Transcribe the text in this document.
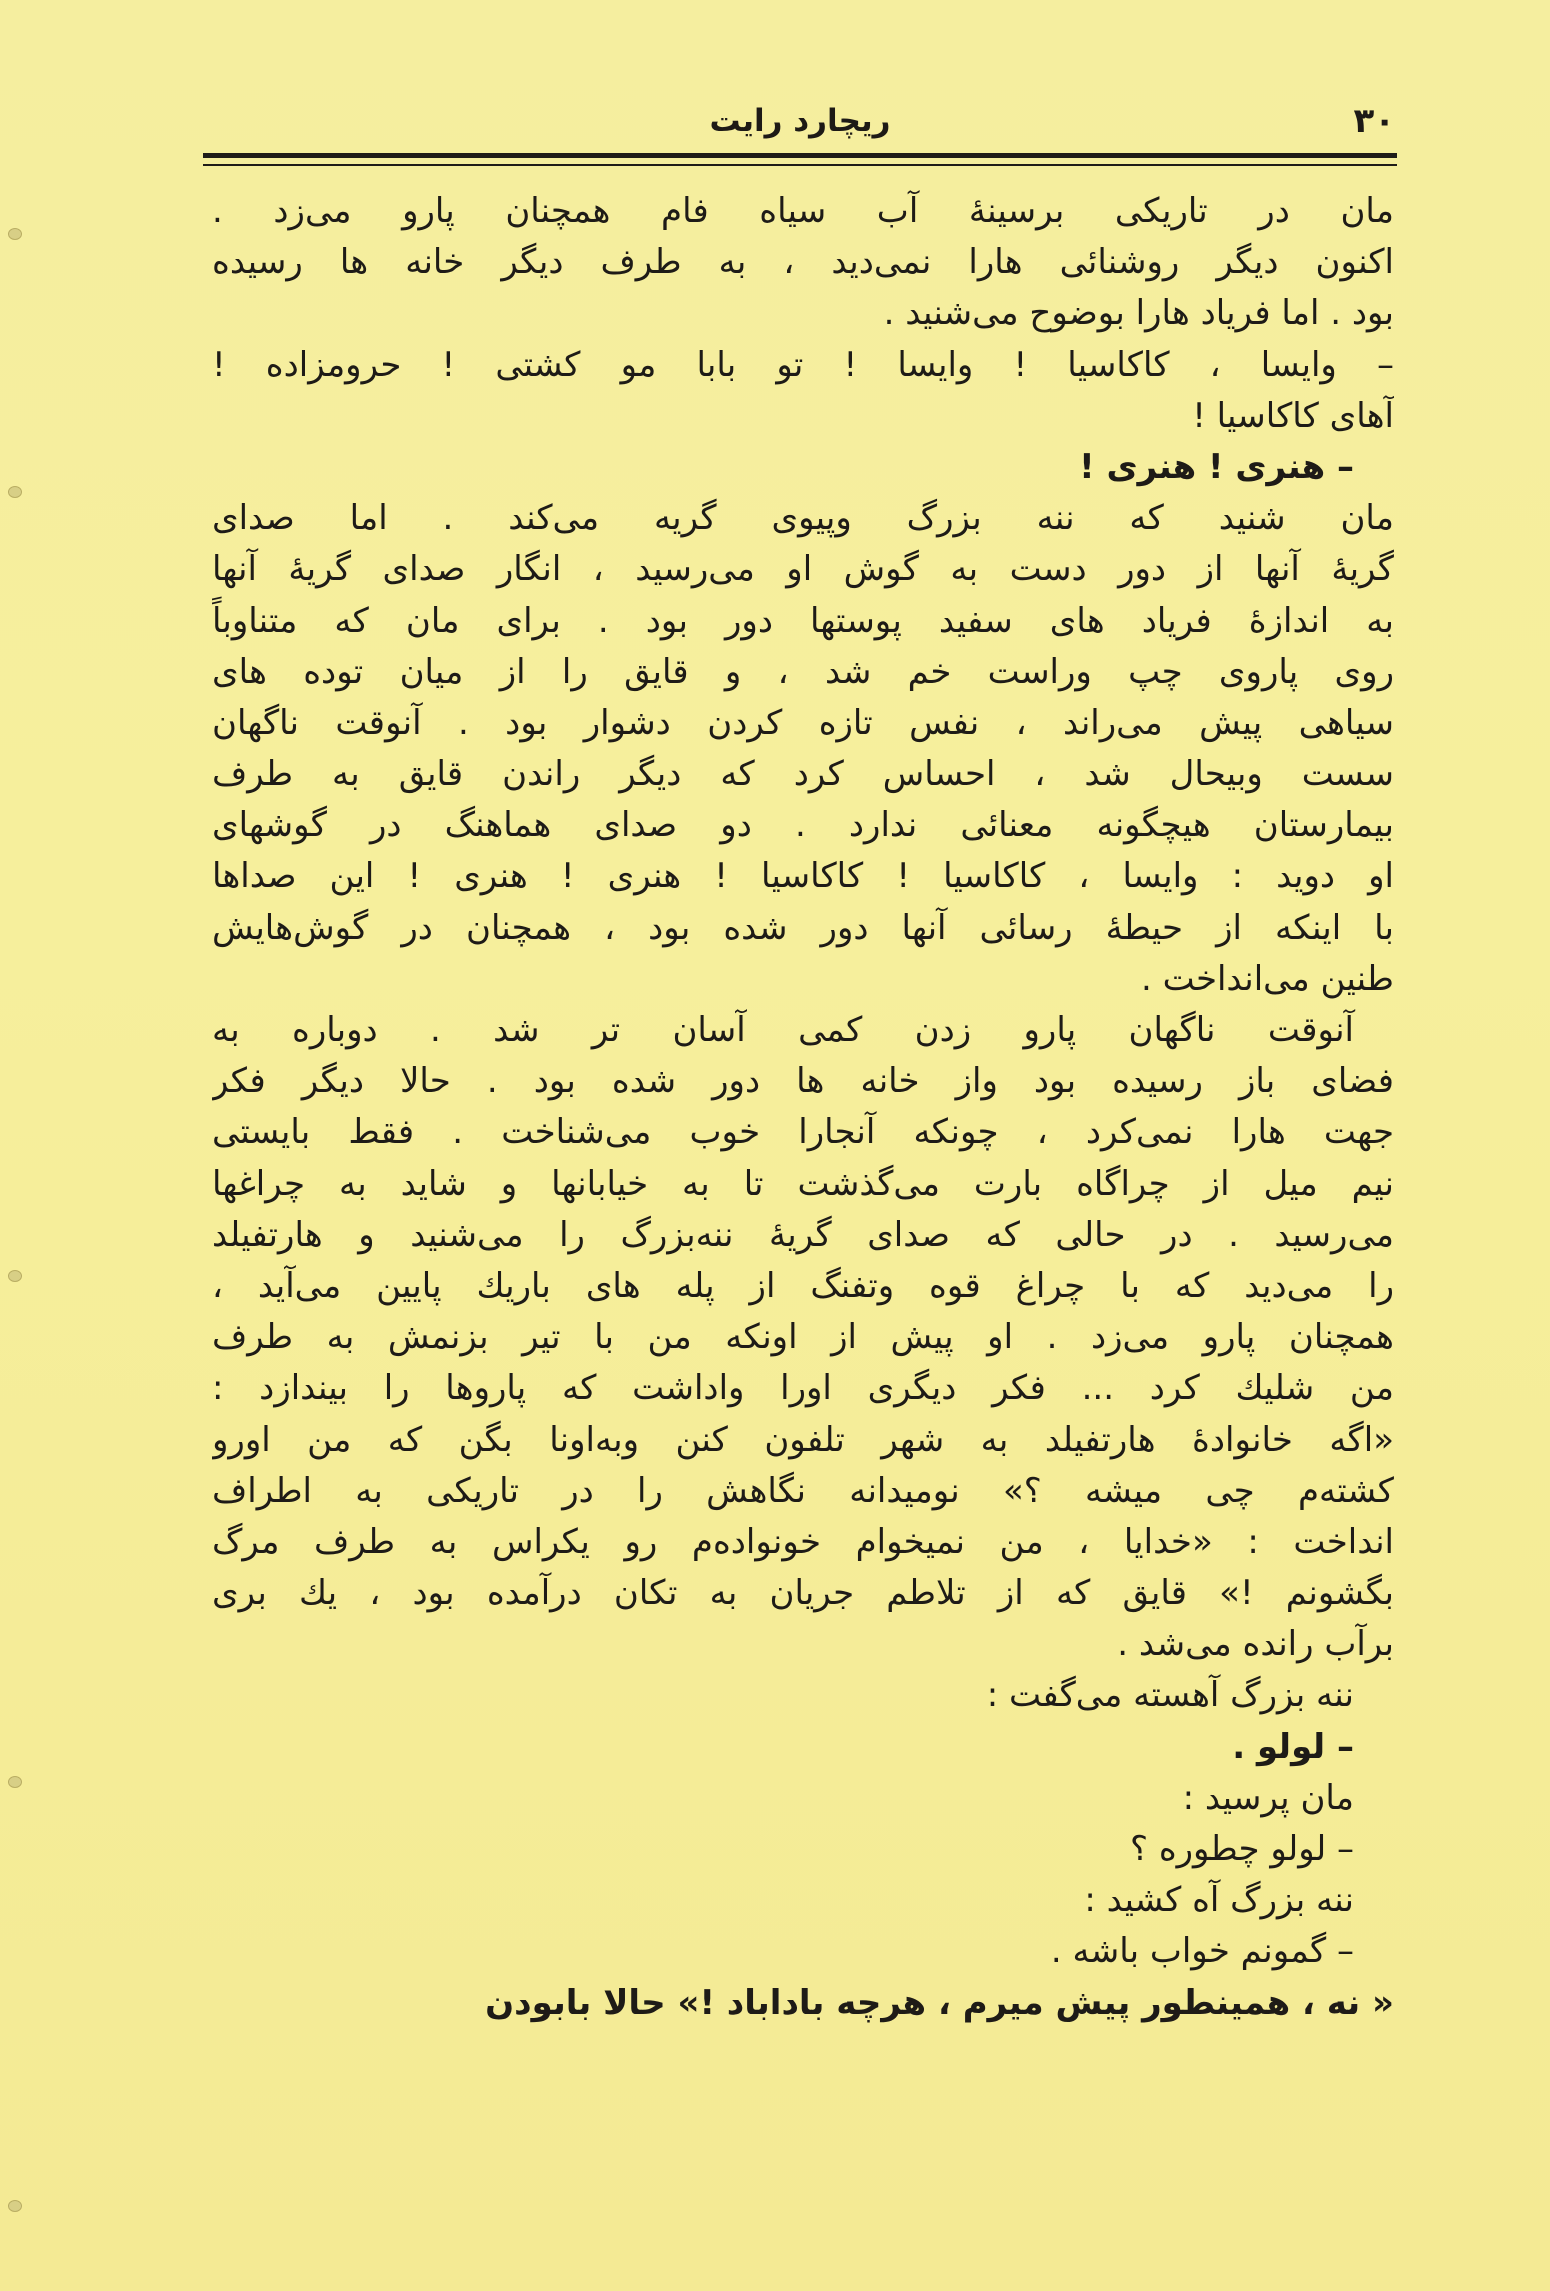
۳۰
ریچارد رایت
مان در تاریکی برسینهٔ آب سیاه فام همچنان پارو می‌زد .
اکنون دیگر روشنائی هارا نمی‌دید ، به طرف دیگر خانه ها رسیده
بود . اما فریاد هارا بوضوح می‌شنید .
– وایسا ، کاکاسیا ! وایسا ! تو بابا مو کشتی ! حرومزاده !
آهای کاکاسیا !
– هنری ! هنری !
مان شنید که ننه بزرگ وپیوی گریه می‌کند . اما صدای
گریهٔ آنها از دور دست به گوش او می‌رسید ، انگار صدای گریهٔ آنها
به اندازهٔ فریاد های سفید پوستها دور بود . برای مان که متناوباً
روی پاروی چپ وراست خم شد ، و قایق را از میان توده های
سیاهی پیش می‌راند ، نفس تازه کردن دشوار بود . آنوقت ناگهان
سست وبیحال شد ، احساس کرد که دیگر راندن قایق به طرف
بیمارستان هیچگونه معنائی ندارد . دو صدای هماهنگ در گوشهای
او دوید : وایسا ، کاکاسیا ! کاکاسیا ! هنری ! هنری ! این صداها
با اینکه از حیطهٔ رسائی آنها دور شده بود ، همچنان در گوش‌هایش
طنین می‌انداخت .
آنوقت ناگهان پارو زدن کمی آسان تر شد . دوباره به
فضای باز رسیده بود واز خانه ها دور شده بود . حالا دیگر فکر
جهت هارا نمی‌کرد ، چونکه آنجارا خوب می‌شناخت . فقط بایستی
نیم میل از چراگاه بارت می‌گذشت تا به خیابانها و شاید به چراغها
می‌رسید . در حالی که صدای گریهٔ ننه‌بزرگ را می‌شنید و هارتفیلد
را می‌دید که با چراغ قوه وتفنگ از پله های باریك پایین می‌آید ،
همچنان پارو می‌زد . او پیش از اونکه من با تیر بزنمش به طرف
من شلیك کرد ... فکر دیگری اورا واداشت که پاروها را بیندازد :
«اگه خانوادهٔ هارتفیلد به شهر تلفون کنن وبه‌اونا بگن که من اورو
کشته‌م چی میشه ؟» نومیدانه نگاهش را در تاریکی به اطراف
انداخت : «خدایا ، من نمیخوام خونواده‌م رو یکراس به طرف مرگ
بگشونم !» قایق که از تلاطم جریان به تکان درآمده بود ، یك بری
برآب رانده می‌شد .
ننه بزرگ آهسته می‌گفت :
– لولو .
مان پرسید :
– لولو چطوره ؟
ننه بزرگ آه کشید :
– گمونم خواب باشه .
« نه ، همینطور پیش میرم ، هرچه باداباد !» حالا بابودن
